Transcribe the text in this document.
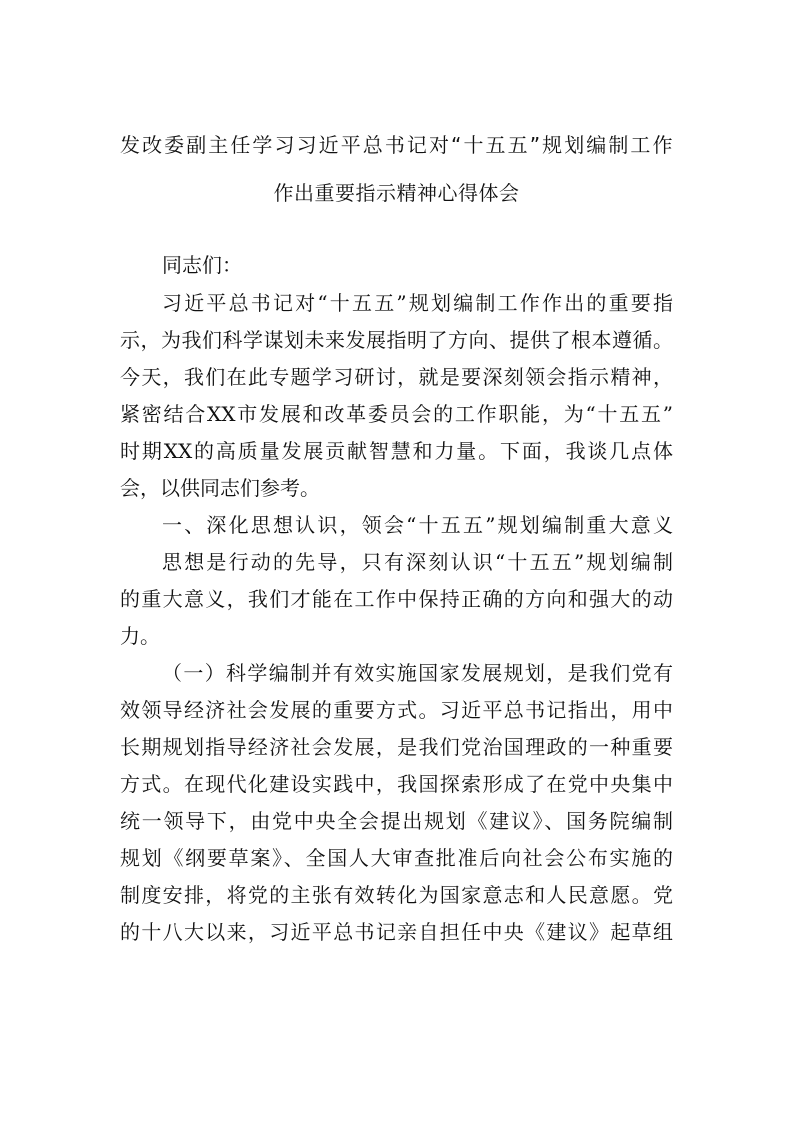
发改委副主任学习习近平总书记对“十五五”规划编制工作
作出重要指示精神心得体会
同志们：
习近平总书记对“十五五”规划编制工作作出的重要指
示，为我们科学谋划未来发展指明了方向、提供了根本遵循。
今天，我们在此专题学习研讨，就是要深刻领会指示精神，
紧密结合XX市发展和改革委员会的工作职能，为“十五五”
时期XX的高质量发展贡献智慧和力量。下面，我谈几点体
会，以供同志们参考。
一、深化思想认识，领会“十五五”规划编制重大意义
思想是行动的先导，只有深刻认识“十五五”规划编制
的重大意义，我们才能在工作中保持正确的方向和强大的动
力。
（一）科学编制并有效实施国家发展规划，是我们党有
效领导经济社会发展的重要方式。习近平总书记指出，用中
长期规划指导经济社会发展，是我们党治国理政的一种重要
方式。在现代化建设实践中，我国探索形成了在党中央集中
统一领导下，由党中央全会提出规划《建议》、国务院编制
规划《纲要草案》、全国人大审查批准后向社会公布实施的
制度安排，将党的主张有效转化为国家意志和人民意愿。党
的十八大以来，习近平总书记亲自担任中央《建议》起草组
